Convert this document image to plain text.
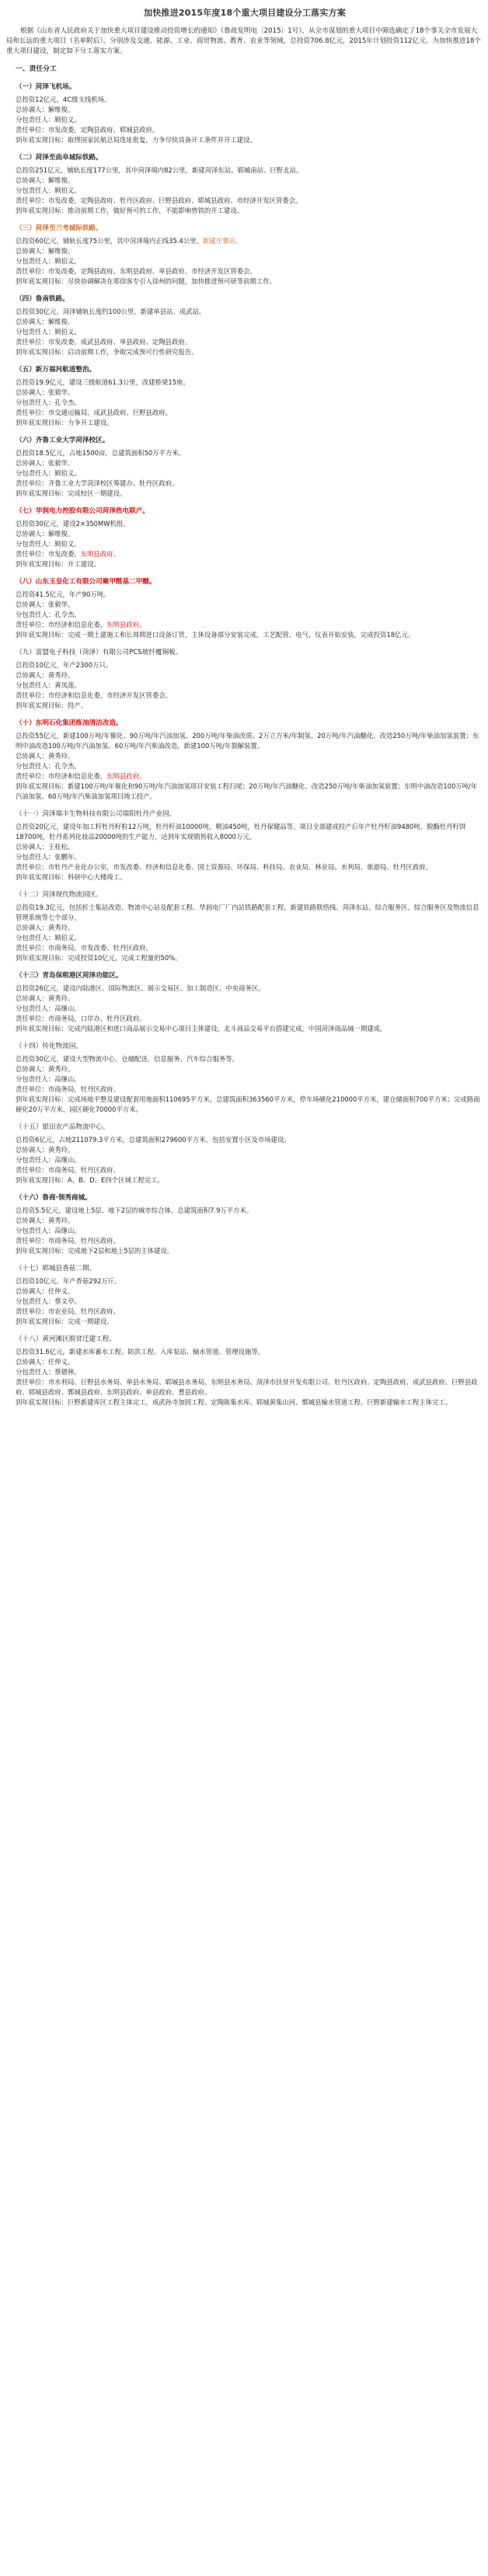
加快推进2015年度18个重大项目建设分工落实方案

根据《山东省人民政府关于加快重大项目建设推动投资增长的通知》（鲁政发明电〔2015〕1号），从全市谋划的重大项目中筛选确定了18个事关全市发展大局和长远的重大项目（名单附后），分别涉及交通、能源、工业、商贸物流、教育、农业等领域，总投资706.8亿元，2015年计划投资112亿元。为加快推进18个重大项目建设，制定如下分工落实方案。

一、责任分工
（一）菏泽飞机场。

总投资12亿元，4C级支线机场。

总协调人：解维俊。

分包责任人：顾伯义。

责任单位：市发改委，定陶县政府、郓城县政府。

到年底实现目标：取得国家民航总局选址批复，力争尽快具备开工条件并开工建设。

（二）菏泽至曲阜城际铁路。

总投资251亿元，铺轨长度177公里，其中菏泽境内82公里，新建菏泽东站、郓城南站、巨野北站。

总协调人：解维俊。

分包责任人：顾伯义。

责任单位：市发改委，定陶县政府、牡丹区政府、巨野县政府、郓城县政府、市经济开发区管委会。

到年底实现目标：推动前期工作，做好预可的工作，不能影响曾铁的开工建设。

（三）菏泽至兰考城际铁路。

总投资60亿元，铺轨长度75公里，其中菏泽境内正线35.4公里，新建庄寨站。

总协调人：解维俊。

分包责任人：顾伯义。

责任单位：市发改委，定陶县政府、东明县政府、单县政府、市经济开发区管委会。

到年底实现目标：尽快协调解决在郑徐客专引入徐州的问题，加快推进预可研等前期工作。

（四）鲁南铁路。

总投资30亿元，菏泽铺轨长度约100公里，新建单县站、成武站。

总协调人：解维俊。

分包责任人：顾伯义。

责任单位：市发改委，成武县政府、单县政府、定陶县政府。

到年底实现目标：启动前期工作，争取完成预可行性研究报告。

（五）新万福河航道整治。

总投资19.9亿元，建设三级航道61.3公里，改建桥梁15座。

总协调人：张毅华。

分包责任人：孔令杰。

责任单位：市交通运输局，成武县政府、巨野县政府。

到年底实现目标：力争开工建设。

（六）齐鲁工业大学菏泽校区。

总投资18.5亿元，占地1500亩，总建筑面积50万平方米。

总协调人：张毅华。

分包责任人：顾伯义。

责任单位：齐鲁工业大学菏泽校区筹建办、牡丹区政府。

到年底实现目标：完成校区一期建设。

（七）华润电力控股有限公司菏泽热电联产。

总投资30亿元，建设2×350MW机组。

总协调人：解维俊。

分包责任人：顾伯义。

责任单位：市发改委，东明县政府。

到年底实现目标：开工建设。

（八）山东玉皇化工有限公司聚甲醛基二甲醚。

总投资41.5亿元，年产90万吨。

总协调人：张毅华。

分包责任人：孔令杰。

责任单位：市经济和信息化委，东明县政府。

到年底实现目标：完成一期土建施工和长周期进口设备订货，主体设备部分安装完成，工艺配管、电气、仪表开始安装，完成投资18亿元。

（九）富盟电子科技（菏泽）有限公司PCS玻纤覆铜板。

总投资10亿元，年产2300万只。

总协调人：黄秀玲。

分包责任人：黄凤莲。

责任单位：市经济和信息化委，市经济开发区管委会。

到年底实现目标：投产。

（十）东明石化集团炼油清洁改造。

总投资55亿元，新建100万吨/年催化、90万吨/年汽油加氢、200万吨/年柴油改质、2万立方米/年制氢、20万吨/年汽油醚化、改造250万吨/年柴油加氢装置；东明中油改造100万吨/年汽油加氢、60万吨/年汽柴油改造。新建100万吨/年裂解装置。

总协调人：黄秀玲。

分包责任人：孔令杰。

责任单位：市经济和信息化委，东明县政府。

到年底实现目标：新建100万吨/年催化和90万吨/年汽油加氢项目安装工程扫尾；20万吨/年汽油醚化、改造250万吨/年柴油加氢装置；东明中油改造100万吨/年汽油加氢、60万吨/年汽柴油加氢项目竣工投产。

（十一）菏泽瑞丰生物科技有限公司瑞阳牡丹产业园。

总投资20亿元，建设年加工籽牡丹籽粒12万吨，牡丹籽油10000吨，精油450吨，牡丹保健品等。项目全部建成投产后年产牡丹籽油9480吨，脱酶牡丹籽饼18700吨，牡丹系列化妆品20000吨的生产能力，达到年实现销售收入8000万元。

总协调人：王桂松。

分包责任人：张鹏年。

责任单位：市牡丹产业化办公室，市发改委、经济和信息化委、国土资源局、环保局、科技局、农业局、林业局、水利局、旅游局、牡丹区政府。

到年底实现目标：科研中心大楼竣工。

（十二）菏泽现代物流园区。

总投资19.3亿元，包括折士集站改造、物流中心站及配套工程、华润电厂厂内站铁路配套工程，新建铁路联络线、菏泽东站、综合服务区、综合服务区及物流信息管理系统等七个部分。

总协调人：黄秀玲。

分包责任人：顾伯义。

责任单位：市商务局，市发改委、牡丹区政府。

到年底实现目标：完成投资10亿元，完成工程量的50%。

（十三）青岛保税港区菏泽功能区。

总投资26亿元，建设内陆港区、国际物流区、展示交易区、加工制造区、中央商务区。

总协调人：黄秀玲。

分包责任人：高继山。

责任单位：市商务局，口岸办，牡丹区政府。

到年底实现目标：完成内陆港区和进口商品展示交易中心项目主体建设，北斗商品交易平台搭建完成，中国菏泽商品城一期建成。

（十四）传化物流园。

总投资30亿元，建设大型物流中心、仓储配送、信息服务、汽车综合服务等。

总协调人：黄秀玲。

分包责任人：高继山。

责任单位：市商务局，牡丹区政府。

到年底实现目标：完成场地平整及建设配套用地面积110695平方米，总建筑面积363560平方米，停车场硬化210000平方米，建仓储面积700平方米；完成路面硬化20万平方米，园区硬化70000平方米。

（十五）银田农产品物流中心。

总投资6亿元，占地211079.3平方米，总建筑面积279600平方米，包括安置小区及市场建设。

总协调人：黄秀玲。

分包责任人：高继山。

责任单位：市商务局，牡丹区政府。

到年底实现目标：A、B、D、E四个区域工程完工。

（十六）鲁商·领秀商城。

总投资5.5亿元，建设地上5层、地下2层的城市综合体，总建筑面积7.9万平方米。

总协调人：黄秀玲。

分包责任人：高继山。

责任单位：市商务局，牡丹区政府。

到年底实现目标：完成地下2层和地上5层的主体建设。

（十七）郓城县香菇二期。

总投资10亿元，年产香菇292万斤。

总协调人：任仲义。

分包责任人：蔡文亭。

责任单位：市农业局，牡丹区政府。

到年底实现目标：完成一期建设。

（十八）黄河滩区脱贫迁建工程。

总投资31.6亿元，新建水库蓄水工程、防洪工程、入库泵站、输水管道、管理设施等。

总协调人：任仲义。

分包责任人：蔡德林。

责任单位：市水利局、巨野县水务局、单县水务局、郓城县水务局、东明县水务局、菏泽市扶贫开发有限公司、牡丹区政府、定陶县政府、成武县政府、巨野县政府、郓城县政府、鄄城县政府、东明县政府、单县政府、曹县政府。

到年底实现目标：巨野新建库区工程主体完工，成武孙寺加固工程、定陶陈集水库、郓城黄集山河、鄄城县输水管道工程、巨野新建输水工程主体完工。
